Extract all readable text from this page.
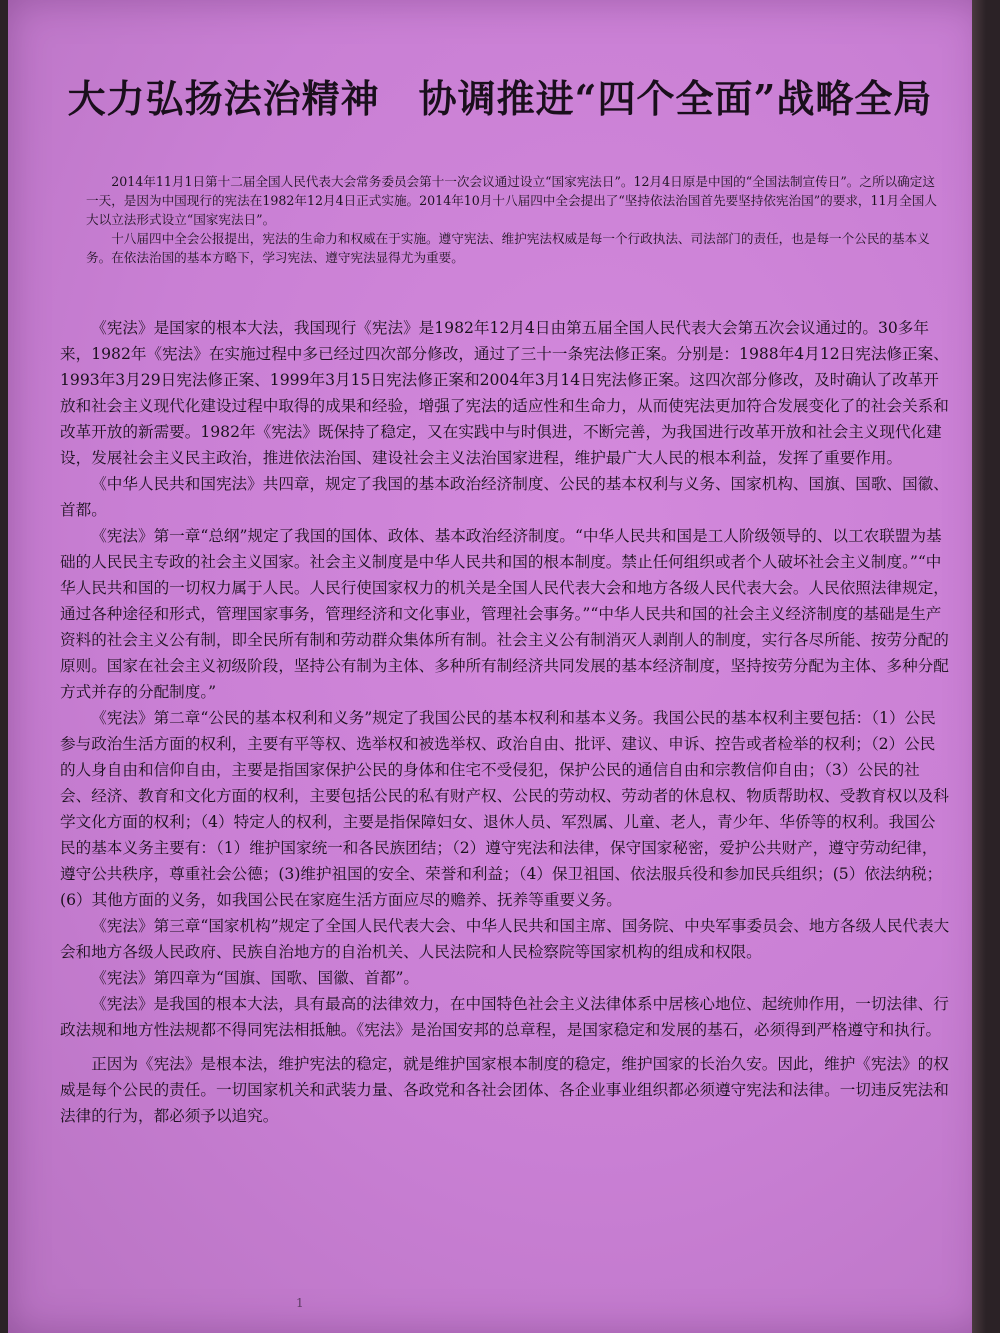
大力弘扬法治精神　协调推进“四个全面”战略全局

2014年11月1日第十二届全国人民代表大会常务委员会第十一次会议通过设立“国家宪法日”。12月4日原是中国的“全国法制宣传日”。之所以确定这一天，是因为中国现行的宪法在1982年12月4日正式实施。2014年10月十八届四中全会提出了“坚持依法治国首先要坚持依宪治国”的要求，11月全国人大以立法形式设立“国家宪法日”。

十八届四中全会公报提出，宪法的生命力和权威在于实施。遵守宪法、维护宪法权威是每一个行政执法、司法部门的责任，也是每一个公民的基本义务。在依法治国的基本方略下，学习宪法、遵守宪法显得尤为重要。

《宪法》是国家的根本大法，我国现行《宪法》是1982年12月4日由第五届全国人民代表大会第五次会议通过的。30多年来，1982年《宪法》在实施过程中多已经过四次部分修改，通过了三十一条宪法修正案。分别是：1988年4月12日宪法修正案、1993年3月29日宪法修正案、1999年3月15日宪法修正案和2004年3月14日宪法修正案。这四次部分修改，及时确认了改革开放和社会主义现代化建设过程中取得的成果和经验，增强了宪法的适应性和生命力，从而使宪法更加符合发展变化了的社会关系和改革开放的新需要。1982年《宪法》既保持了稳定，又在实践中与时俱进，不断完善，为我国进行改革开放和社会主义现代化建设，发展社会主义民主政治，推进依法治国、建设社会主义法治国家进程，维护最广大人民的根本利益，发挥了重要作用。

《中华人民共和国宪法》共四章，规定了我国的基本政治经济制度、公民的基本权利与义务、国家机构、国旗、国歌、国徽、首都。

《宪法》第一章“总纲”规定了我国的国体、政体、基本政治经济制度。“中华人民共和国是工人阶级领导的、以工农联盟为基础的人民民主专政的社会主义国家。社会主义制度是中华人民共和国的根本制度。禁止任何组织或者个人破坏社会主义制度。”“中华人民共和国的一切权力属于人民。人民行使国家权力的机关是全国人民代表大会和地方各级人民代表大会。人民依照法律规定，通过各种途径和形式，管理国家事务，管理经济和文化事业，管理社会事务。”“中华人民共和国的社会主义经济制度的基础是生产资料的社会主义公有制，即全民所有制和劳动群众集体所有制。社会主义公有制消灭人剥削人的制度，实行各尽所能、按劳分配的原则。国家在社会主义初级阶段，坚持公有制为主体、多种所有制经济共同发展的基本经济制度，坚持按劳分配为主体、多种分配方式并存的分配制度。”

《宪法》第二章“公民的基本权利和义务”规定了我国公民的基本权利和基本义务。我国公民的基本权利主要包括：（1）公民参与政治生活方面的权利，主要有平等权、选举权和被选举权、政治自由、批评、建议、申诉、控告或者检举的权利；（2）公民的人身自由和信仰自由，主要是指国家保护公民的身体和住宅不受侵犯，保护公民的通信自由和宗教信仰自由；（3）公民的社会、经济、教育和文化方面的权利，主要包括公民的私有财产权、公民的劳动权、劳动者的休息权、物质帮助权、受教育权以及科学文化方面的权利；（4）特定人的权利，主要是指保障妇女、退休人员、军烈属、儿童、老人，青少年、华侨等的权利。我国公民的基本义务主要有：（1）维护国家统一和各民族团结；（2）遵守宪法和法律，保守国家秘密，爱护公共财产，遵守劳动纪律，遵守公共秩序，尊重社会公德；(3)维护祖国的安全、荣誉和利益；（4）保卫祖国、依法服兵役和参加民兵组织；(5）依法纳税；(6）其他方面的义务，如我国公民在家庭生活方面应尽的赡养、抚养等重要义务。

《宪法》第三章“国家机构”规定了全国人民代表大会、中华人民共和国主席、国务院、中央军事委员会、地方各级人民代表大会和地方各级人民政府、民族自治地方的自治机关、人民法院和人民检察院等国家机构的组成和权限。

《宪法》第四章为“国旗、国歌、国徽、首都”。

《宪法》是我国的根本大法，具有最高的法律效力，在中国特色社会主义法律体系中居核心地位、起统帅作用，一切法律、行政法规和地方性法规都不得同宪法相抵触。《宪法》是治国安邦的总章程，是国家稳定和发展的基石，必须得到严格遵守和执行。

正因为《宪法》是根本法，维护宪法的稳定，就是维护国家根本制度的稳定，维护国家的长治久安。因此，维护《宪法》的权威是每个公民的责任。一切国家机关和武装力量、各政党和各社会团体、各企业事业组织都必须遵守宪法和法律。一切违反宪法和法律的行为，都必须予以追究。

1
